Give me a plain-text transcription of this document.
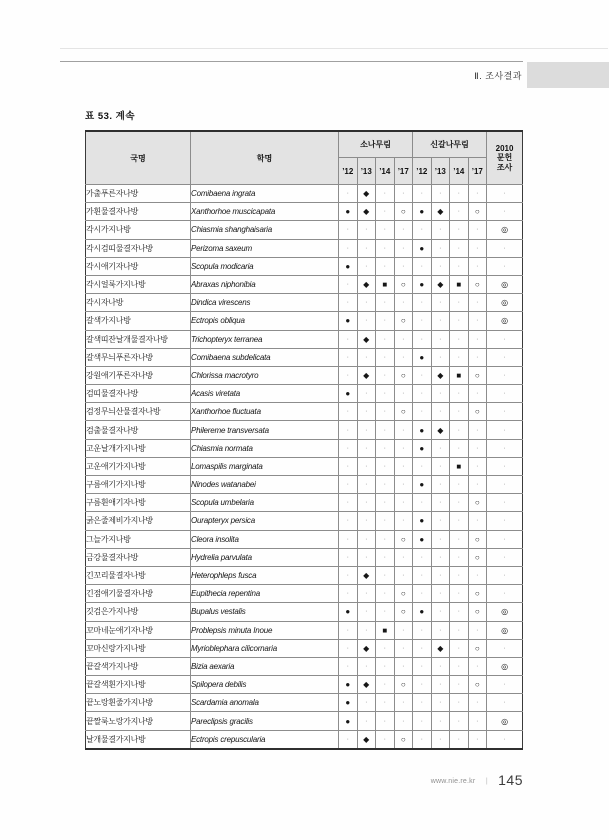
Ⅱ. 조사결과
표 53. 계속
국명	학명	소나무림				신갈나무림				2010
문헌
조사

		’12	’13	’14	’17	’12	’13	’14	’17	
가출푸른자나방	Comibaena ingrata	·	◆	·	·	·	·	·	·	·
가흰물결자나방	Xanthorhoe muscicapata	●	◆	·	○	●	◆	·	○	·
각시가지나방	Chiasmia shanghaisaria	·	·	·	·	·	·	·	·	◎
각시검띠물결자나방	Perizoma saxeum	·	·	·	·	●	·	·	·	·
각시애기자나방	Scopula modicaria	●	·	·	·	·	·	·	·	·
각시얼룩가지나방	Abraxas niphonibia	·	◆	■	○	●	◆	■	○	◎
각시자나방	Dindica virescens	·	·	·	·	·	·	·	·	◎
갈색가지나방	Ectropis obliqua	●	·	·	○	·	·	·	·	◎
갈색띠잔날개물결자나방	Trichopteryx terranea	·	◆	·	·	·	·	·	·	·
갈색무늬푸른자나방	Comibaena subdelicata	·	·	·	·	●	·	·	·	·
강원애기푸른자나방	Chlorissa macrotyro	·	◆	·	○	·	◆	■	○	·
검띠물결자나방	Acasis viretata	●	·	·	·	·	·	·	·	·
검정무늬산물결자나방	Xanthorhoe fluctuata	·	·	·	○	·	·	·	○	·
검출물결자나방	Philereme transversata	·	·	·	·	●	◆	·	·	·
고운날개가지나방	Chiasmia normata	·	·	·	·	●	·	·	·	·
고운애기가지나방	Lomaspilis marginata	·	·	·	·	·	·	■	·	·
구름애기가지나방	Ninodes watanabei	·	·	·	·	●	·	·	·	·
구름흰애기자나방	Scopula umbelaria	·	·	·	·	·	·	·	○	·
굵은줄제비가지나방	Ourapteryx persica	·	·	·	·	●	·	·	·	·
그늘가지나방	Cleora insolita	·	·	·	○	●	·	·	○	·
금강물결자나방	Hydrelia parvulata	·	·	·	·	·	·	·	○	·
긴꼬리물결자나방	Heterophleps fusca	·	◆	·	·	·	·	·	·	·
긴점애기물결자나방	Eupithecia repentina	·	·	·	○	·	·	·	○	·
깃검은가지나방	Bupalus vestalis	●	·	·	○	●	·	·	○	◎
꼬마네눈애기자나방	Problepsis minuta Inoue	·	·	■	·	·	·	·	·	◎
꼬마신랑가지나방	Myrioblephara cilicornaria	·	◆	·	·	·	◆	·	○	·
끝갈색가지나방	Bizia aexaria	·	·	·	·	·	·	·	·	◎
끝갈색흰가지나방	Spilopera debilis	●	◆	·	○	·	·	·	○	·
끝노랑흰줄가지나방	Scardamia anomala	●	·	·	·	·	·	·	·	·
끝짤룩노랑가지나방	Pareclipsis gracilis	●	·	·	·	·	·	·	·	◎
날개물결가지나방	Ectropis crepuscularia	·	◆	·	○	·	·	·	·	·
www.nie.re.kr | 145
